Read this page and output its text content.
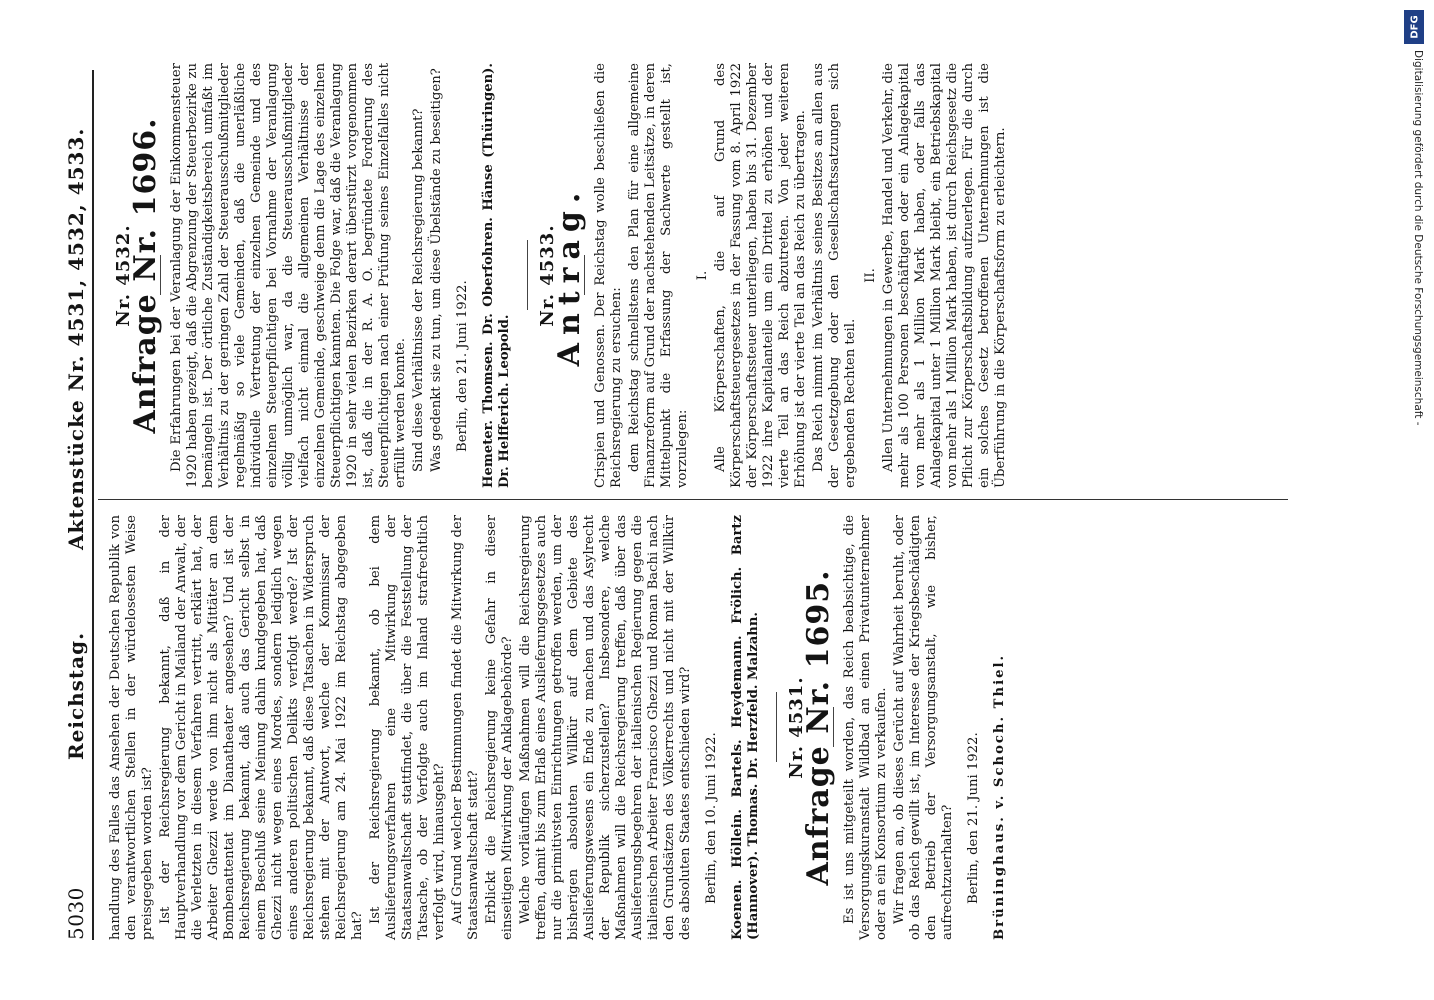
5030
Reichstag.
Aktenstücke Nr. 4531, 4532, 4533.

handlung des Falles das Ansehen der Deutschen Republik von den verantwortlichen Stellen in der würdelosesten Weise preisgegeben worden ist? Ist der Reichsregierung bekannt, daß in der Hauptverhandlung vor dem Gericht in Mailand der Anwalt, der die Verletzten in diesem Verfahren vertritt, erklärt hat, der Arbeiter Ghezzi werde von ihm nicht als Mittäter an dem Bombenattentat im Dianatheater angesehen? Und ist der Reichsregierung bekannt, daß auch das Gericht selbst in einem Beschluß seine Meinung dahin kundgegeben hat, daß Ghezzi nicht wegen eines Mordes, sondern lediglich wegen eines anderen politischen Delikts verfolgt werde? Ist der Reichsregierung bekannt, daß diese Tatsachen in Widerspruch stehen mit der Antwort, welche der Kommissar der Reichsregierung am 24. Mai 1922 im Reichstag abgegeben hat?

Ist der Reichsregierung bekannt, ob bei dem Auslieferungsverfahren eine Mitwirkung der Staatsanwaltschaft stattfindet, die über die Feststellung der Tatsache, ob der Verfolgte auch im Inland strafrechtlich verfolgt wird, hinausgeht? Auf Grund welcher Bestimmungen findet die Mitwirkung der Staatsanwaltschaft statt? Erblickt die Reichsregierung keine Gefahr in dieser einseitigen Mitwirkung der Anklagebehörde? Welche vorläufigen Maßnahmen will die Reichsregierung treffen, damit bis zum Erlaß eines Auslieferungsgesetzes auch nur die primitivsten Einrichtungen getroffen werden, um der bisherigen absoluten Willkür auf dem Gebiete des Auslieferungswesens ein Ende zu machen und das Asylrecht der Republik sicherzustellen? Insbesondere, welche Maßnahmen will die Reichsregierung treffen, daß über das Auslieferungsbegehren der italienischen Regierung gegen die italienischen Arbeiter Francisco Ghezzi und Roman Bachi nach den Grundsätzen des Völkerrechts und nicht mit der Willkür des absoluten Staates entschieden wird? Berlin, den 10. Juni 1922. Koenen. Höllein. Bartels. Heydemann. Frölich. Bartz (Hannover). Thomas. Dr. Herzfeld. Malzahn. Nr. 4531.
Anfrage Nr. 1695. Es ist uns mitgeteilt worden, das Reich beabsichtige, die Versorgungskuranstalt Wildbad an einen Privatunternehmer oder an ein Konsortium zu verkaufen. Wir fragen an, ob dieses Gerücht auf Wahrheit beruht, oder ob das Reich gewillt ist, im Interesse der Kriegsbeschädigten den Betrieb der Versorgungsanstalt, wie bisher, aufrechtzuerhalten? Berlin, den 21. Juni 1922. Brüninghaus. v. Schoch. Thiel.

Nr. 4532.
Anfrage Nr. 1696. Die Erfahrungen bei der Veranlagung der Einkommensteuer 1920 haben gezeigt, daß die Abgrenzung der Steuerbezirke zu bemängeln ist. Der örtliche Zuständigkeitsbereich umfaßt im Verhältnis zu der geringen Zahl der Steuerausschußmitglieder regelmäßig so viele Gemeinden, daß die unerläßliche individuelle Vertretung der einzelnen Gemeinde und des einzelnen Steuerpflichtigen bei Vornahme der Veranlagung völlig unmöglich war, da die Steuerausschußmitglieder vielfach nicht einmal die allgemeinen Verhältnisse der einzelnen Gemeinde, geschweige denn die Lage des einzelnen Steuerpflichtigen kannten. Die Folge war, daß die Veranlagung 1920 in sehr vielen Bezirken derart überstürzt vorgenommen ist, daß die in der R. A. O. begründete Forderung des Steuerpflichtigen nach einer Prüfung seines Einzelfalles nicht erfüllt werden konnte. Sind diese Verhältnisse der Reichsregierung bekannt? Was gedenkt sie zu tun, um diese Übelstände zu beseitigen? Berlin, den 21. Juni 1922. Hemeter. Thomsen. Dr. Oberfohren. Hänse (Thüringen). Dr. Helfferich. Leopold.

Nr. 4533.
Antrag. Crispien und Genossen. Der Reichstag wolle beschließen die Reichsregierung zu ersuchen: dem Reichstag schnellstens den Plan für eine allgemeine Finanzreform auf Grund der nachstehenden Leitsätze, in deren Mittelpunkt die Erfassung der Sachwerte gestellt ist, vorzulegen:

I. Alle Körperschaften, die auf Grund des Körperschaftsteuergesetzes in der Fassung vom 8. April 1922 der Körperschaftssteuer unterliegen, haben bis 31. Dezember 1922 ihre Kapitalanteile um ein Drittel zu erhöhen und der vierte Teil an das Reich abzutreten. Von jeder weiteren Erhöhung ist der vierte Teil an das Reich zu übertragen. Das Reich nimmt im Verhältnis seines Besitzes an allen aus der Gesetzgebung oder den Gesellschaftssatzungen sich ergebenden Rechten teil.

II. Allen Unternehmungen in Gewerbe, Handel und Verkehr, die mehr als 100 Personen beschäftigen oder ein Anlagekapital von mehr als 1 Million Mark haben, oder falls das Anlagekapital unter 1 Million Mark bleibt, ein Betriebskapital von mehr als 1 Million Mark haben, ist durch Reichsgesetz die Pflicht zur Körperschaftsbildung aufzuerlegen. Für die durch ein solches Gesetz betroffenen Unternehmungen ist die Überführung in die Körperschaftsform zu erleichtern.

DFG
Digitalisierung gefördert durch die Deutsche Forschungsgemeinschaft -
